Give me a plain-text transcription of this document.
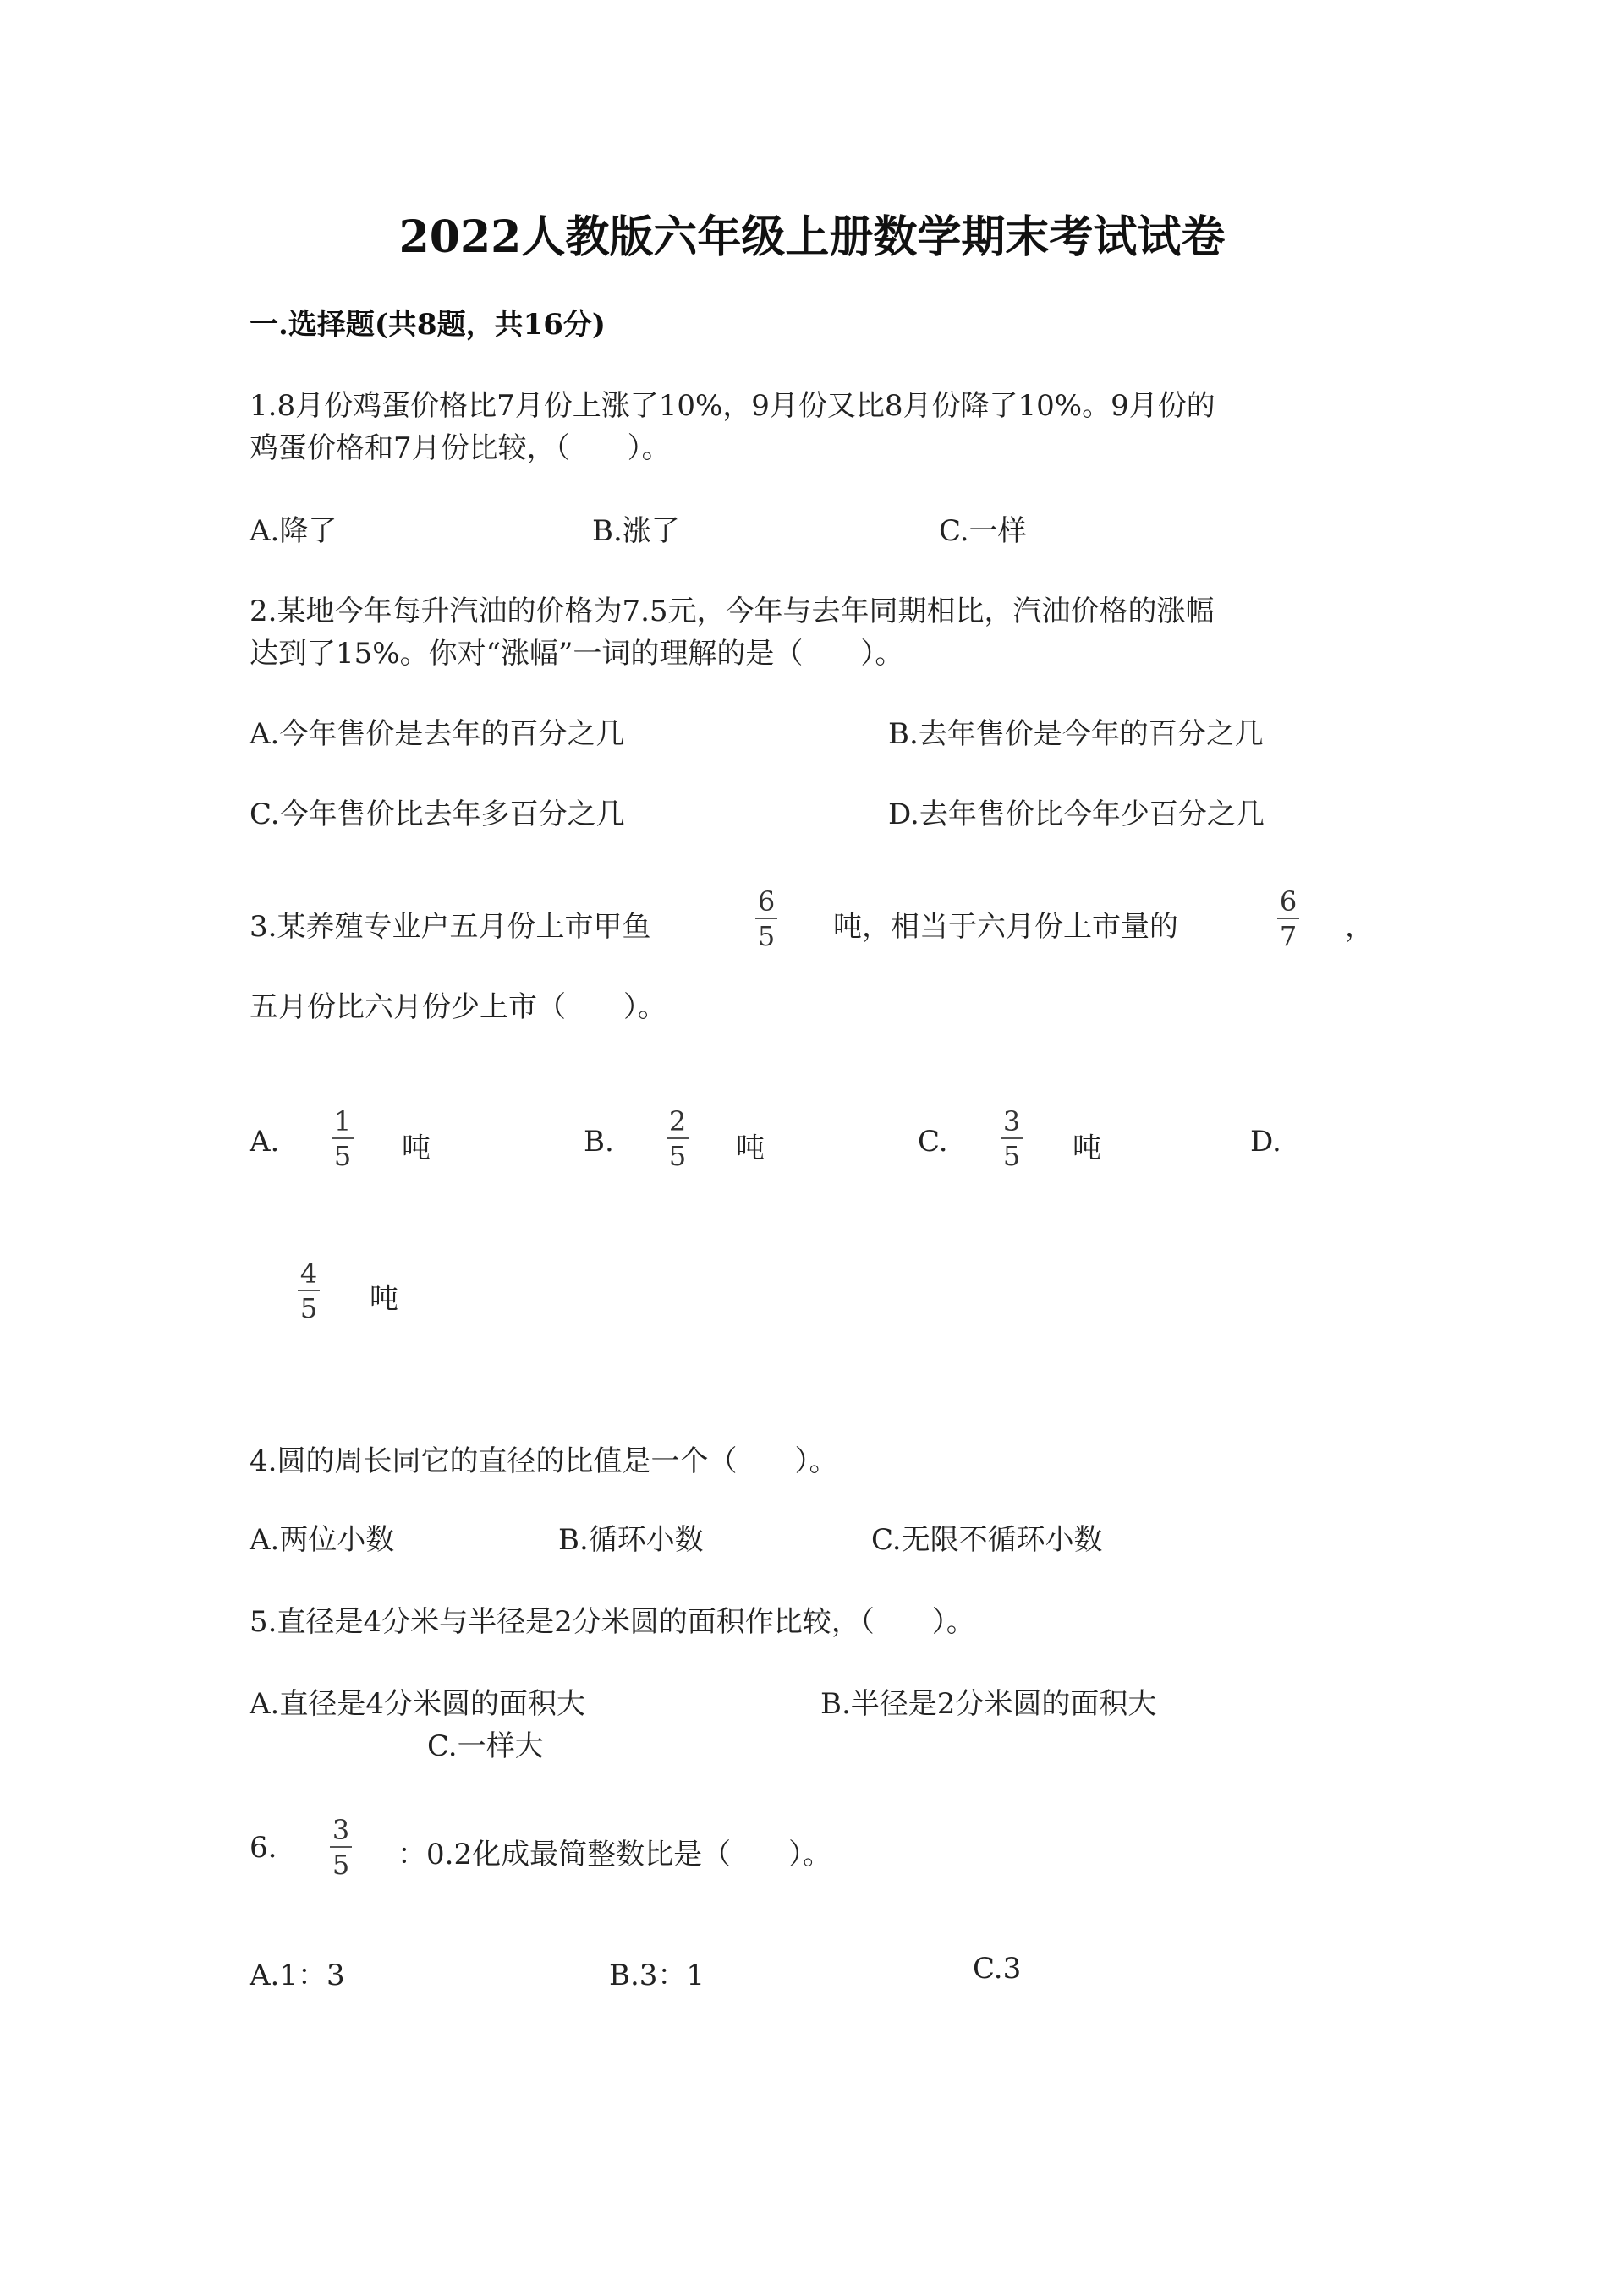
2022人教版六年级上册数学期末考试试卷
一.选择题(共8题，共16分)
1.8月份鸡蛋价格比7月份上涨了10%，9月份又比8月份降了10%。9月份的
鸡蛋价格和7月份比较，（　　）。
A.降了	B.涨了	C.一样
2.某地今年每升汽油的价格为7.5元，今年与去年同期相比，汽油价格的涨幅
达到了15%。你对“涨幅”一词的理解的是（　　）。
A.今年售价是去年的百分之几	B.去年售价是今年的百分之几
C.今年售价比去年多百分之几	D.去年售价比今年少百分之几
3.某养殖专业户五月份上市甲鱼
6
5 吨，相当于六月份上市量的
6
7 ，
五月份比六月份少上市（　　）。
A.
1
5 吨	B.
2
5 吨	C.
3
5 吨	D.
4
5 吨
4.圆的周长同它的直径的比值是一个（　　）。
A.两位小数	B.循环小数	C.无限不循环小数
5.直径是4分米与半径是2分米圆的面积作比较，（　　）。
A.直径是4分米圆的面积大	B.半径是2分米圆的面积大
C.一样大
6.
3
5 ：0.2化成最简整数比是（　　）。
A.1：3	B.3：1	C.3
